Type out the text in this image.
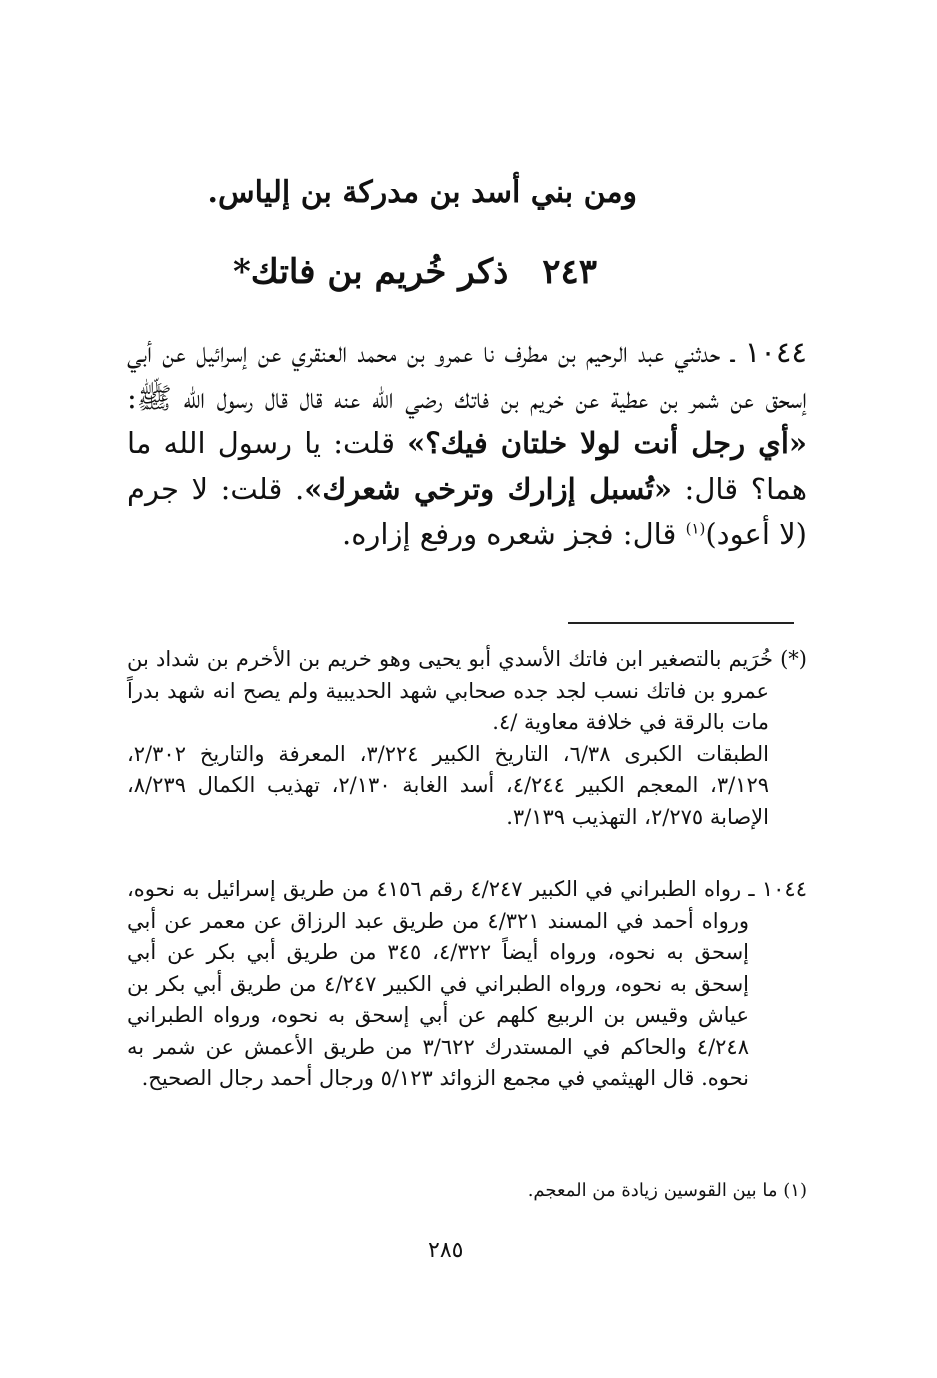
ومن بني أسد بن مدركة بن إلياس.
٢٤٣ ذكر خُريم بن فاتك*
١٠٤٤ ـ حدثني عبد الرحيم بن مطرف نا عمرو بن محمد العنقري عن إسرائيل عن أبي إسحق عن شمر بن عطية عن خريم بن فاتك رضي الله عنه قال قال رسول الله ﷺ: «أي رجل أنت لولا خلتان فيك؟» قلت: يا رسول الله ما هما؟ قال: «تُسبل إزارك وترخي شعرك». قلت: لا جرم (لا أعود)$^{(١)}$ قال: فجز شعره ورفع إزاره.
(*) خُرَيم بالتصغير ابن فاتك الأسدي أبو يحيى وهو خريم بن الأخرم بن شداد بن عمرو بن فاتك نسب لجد جده صحابي شهد الحديبية ولم يصح انه شهد بدراً مات بالرقة في خلافة معاوية /٤.
الطبقات الكبرى ٦/٣٨، التاريخ الكبير ٣/٢٢٤، المعرفة والتاريخ ٢/٣٠٢، ٣/١٢٩، المعجم الكبير ٤/٢٤٤، أسد الغابة ٢/١٣٠، تهذيب الكمال ٨/٢٣٩، الإصابة ٢/٢٧٥، التهذيب ٣/١٣٩.
١٠٤٤ ـ رواه الطبراني في الكبير ٤/٢٤٧ رقم ٤١٥٦ من طريق إسرائيل به نحوه، ورواه أحمد في المسند ٤/٣٢١ من طريق عبد الرزاق عن معمر عن أبي إسحق به نحوه، ورواه أيضاً ٤/٣٢٢، ٣٤٥ من طريق أبي بكر عن أبي إسحق به نحوه، ورواه الطبراني في الكبير ٤/٢٤٧ من طريق أبي بكر بن عياش وقيس بن الربيع كلهم عن أبي إسحق به نحوه، ورواه الطبراني ٤/٢٤٨ والحاكم في المستدرك ٣/٦٢٢ من طريق الأعمش عن شمر به نحوه. قال الهيثمي في مجمع الزوائد ٥/١٢٣ ورجال أحمد رجال الصحيح.
(١) ما بين القوسين زيادة من المعجم.
٢٨٥
